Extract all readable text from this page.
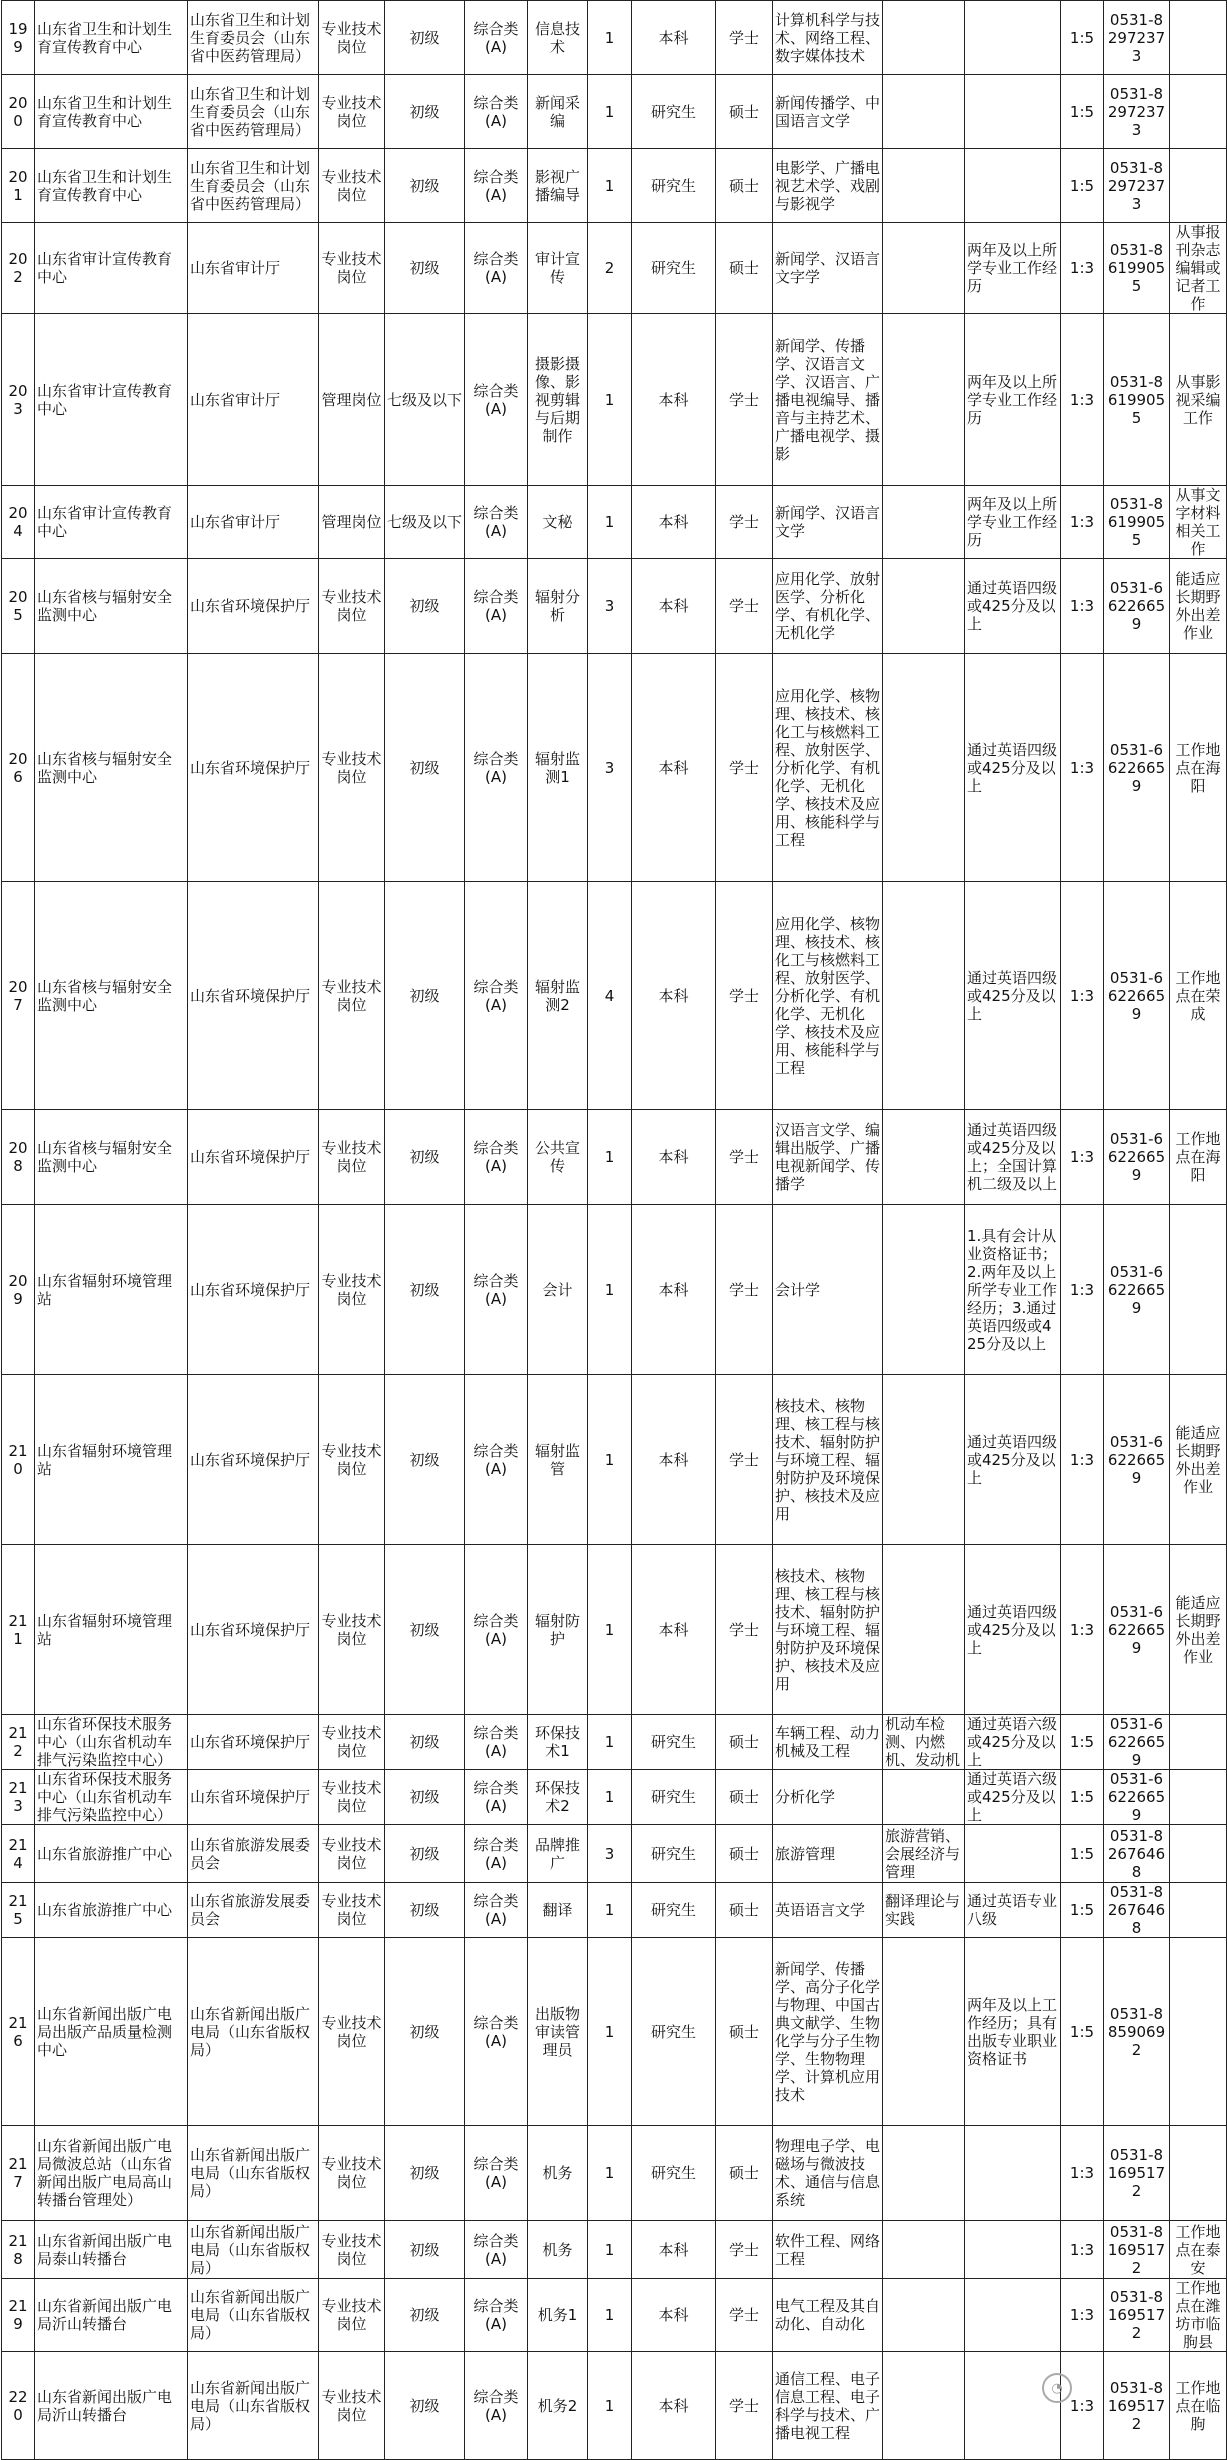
199	山东省卫生和计划生育宣传教育中心	山东省卫生和计划生育委员会（山东省中医药管理局）	专业技术岗位	初级	综合类(A)	信息技术	1	本科	学士	计算机科学与技术、网络工程、数字媒体技术			1:5	0531-82972373	
200	山东省卫生和计划生育宣传教育中心	山东省卫生和计划生育委员会（山东省中医药管理局）	专业技术岗位	初级	综合类(A)	新闻采编	1	研究生	硕士	新闻传播学、中国语言文学			1:5	0531-82972373	
201	山东省卫生和计划生育宣传教育中心	山东省卫生和计划生育委员会（山东省中医药管理局）	专业技术岗位	初级	综合类(A)	影视广播编导	1	研究生	硕士	电影学、广播电视艺术学、戏剧与影视学			1:5	0531-82972373	
202	山东省审计宣传教育中心	山东省审计厅	专业技术岗位	初级	综合类(A)	审计宣传	2	研究生	硕士	新闻学、汉语言文字学		两年及以上所学专业工作经历	1:3	0531-86199055	从事报刊杂志编辑或记者工作
203	山东省审计宣传教育中心	山东省审计厅	管理岗位	七级及以下	综合类(A)	摄影摄像、影视剪辑与后期制作	1	本科	学士	新闻学、传播学、汉语言文学、汉语言、广播电视编导、播音与主持艺术、广播电视学、摄影		两年及以上所学专业工作经历	1:3	0531-86199055	从事影视采编工作
204	山东省审计宣传教育中心	山东省审计厅	管理岗位	七级及以下	综合类(A)	文秘	1	本科	学士	新闻学、汉语言文学		两年及以上所学专业工作经历	1:3	0531-86199055	从事文字材料相关工作
205	山东省核与辐射安全监测中心	山东省环境保护厅	专业技术岗位	初级	综合类(A)	辐射分析	3	本科	学士	应用化学、放射医学、分析化学、有机化学、无机化学		通过英语四级或425分及以上	1:3	0531-66226659	能适应长期野外出差作业
206	山东省核与辐射安全监测中心	山东省环境保护厅	专业技术岗位	初级	综合类(A)	辐射监测1	3	本科	学士	应用化学、核物理、核技术、核化工与核燃料工程、放射医学、分析化学、有机化学、无机化学、核技术及应用、核能科学与工程		通过英语四级或425分及以上	1:3	0531-66226659	工作地点在海阳
207	山东省核与辐射安全监测中心	山东省环境保护厅	专业技术岗位	初级	综合类(A)	辐射监测2	4	本科	学士	应用化学、核物理、核技术、核化工与核燃料工程、放射医学、分析化学、有机化学、无机化学、核技术及应用、核能科学与工程		通过英语四级或425分及以上	1:3	0531-66226659	工作地点在荣成
208	山东省核与辐射安全监测中心	山东省环境保护厅	专业技术岗位	初级	综合类(A)	公共宣传	1	本科	学士	汉语言文学、编辑出版学、广播电视新闻学、传播学		通过英语四级或425分及以上；全国计算机二级及以上	1:3	0531-66226659	工作地点在海阳
209	山东省辐射环境管理站	山东省环境保护厅	专业技术岗位	初级	综合类(A)	会计	1	本科	学士	会计学		1.具有会计从业资格证书；2.两年及以上所学专业工作经历；3.通过英语四级或425分及以上	1:3	0531-66226659	
210	山东省辐射环境管理站	山东省环境保护厅	专业技术岗位	初级	综合类(A)	辐射监管	1	本科	学士	核技术、核物理、核工程与核技术、辐射防护与环境工程、辐射防护及环境保护、核技术及应用		通过英语四级或425分及以上	1:3	0531-66226659	能适应长期野外出差作业
211	山东省辐射环境管理站	山东省环境保护厅	专业技术岗位	初级	综合类(A)	辐射防护	1	本科	学士	核技术、核物理、核工程与核技术、辐射防护与环境工程、辐射防护及环境保护、核技术及应用		通过英语四级或425分及以上	1:3	0531-66226659	能适应长期野外出差作业
212	山东省环保技术服务中心（山东省机动车排气污染监控中心）	山东省环境保护厅	专业技术岗位	初级	综合类(A)	环保技术1	1	研究生	硕士	车辆工程、动力机械及工程	机动车检测、内燃机、发动机	通过英语六级或425分及以上	1:5	0531-66226659	
213	山东省环保技术服务中心（山东省机动车排气污染监控中心）	山东省环境保护厅	专业技术岗位	初级	综合类(A)	环保技术2	1	研究生	硕士	分析化学		通过英语六级或425分及以上	1:5	0531-66226659	
214	山东省旅游推广中心	山东省旅游发展委员会	专业技术岗位	初级	综合类(A)	品牌推广	3	研究生	硕士	旅游管理	旅游营销、会展经济与管理		1:5	0531-82676468	
215	山东省旅游推广中心	山东省旅游发展委员会	专业技术岗位	初级	综合类(A)	翻译	1	研究生	硕士	英语语言文学	翻译理论与实践	通过英语专业八级	1:5	0531-82676468	
216	山东省新闻出版广电局出版产品质量检测中心	山东省新闻出版广电局（山东省版权局）	专业技术岗位	初级	综合类(A)	出版物审读管理员	1	研究生	硕士	新闻学、传播学、高分子化学与物理、中国古典文献学、生物化学与分子生物学、生物物理学、计算机应用技术		两年及以上工作经历；具有出版专业职业资格证书	1:5	0531-88590692	
217	山东省新闻出版广电局微波总站（山东省新闻出版广电局高山转播台管理处）	山东省新闻出版广电局（山东省版权局）	专业技术岗位	初级	综合类(A)	机务	1	研究生	硕士	物理电子学、电磁场与微波技术、通信与信息系统			1:3	0531-81695172	
218	山东省新闻出版广电局泰山转播台	山东省新闻出版广电局（山东省版权局）	专业技术岗位	初级	综合类(A)	机务	1	本科	学士	软件工程、网络工程			1:3	0531-81695172	工作地点在泰安
219	山东省新闻出版广电局沂山转播台	山东省新闻出版广电局（山东省版权局）	专业技术岗位	初级	综合类(A)	机务1	1	本科	学士	电气工程及其自动化、自动化			1:3	0531-81695172	工作地点在潍坊市临朐县
220	山东省新闻出版广电局沂山转播台	山东省新闻出版广电局（山东省版权局）	专业技术岗位	初级	综合类(A)	机务2	1	本科	学士	通信工程、电子信息工程、电子科学与技术、广播电视工程			1:3	0531-81695172	工作地点在临朐
◔
